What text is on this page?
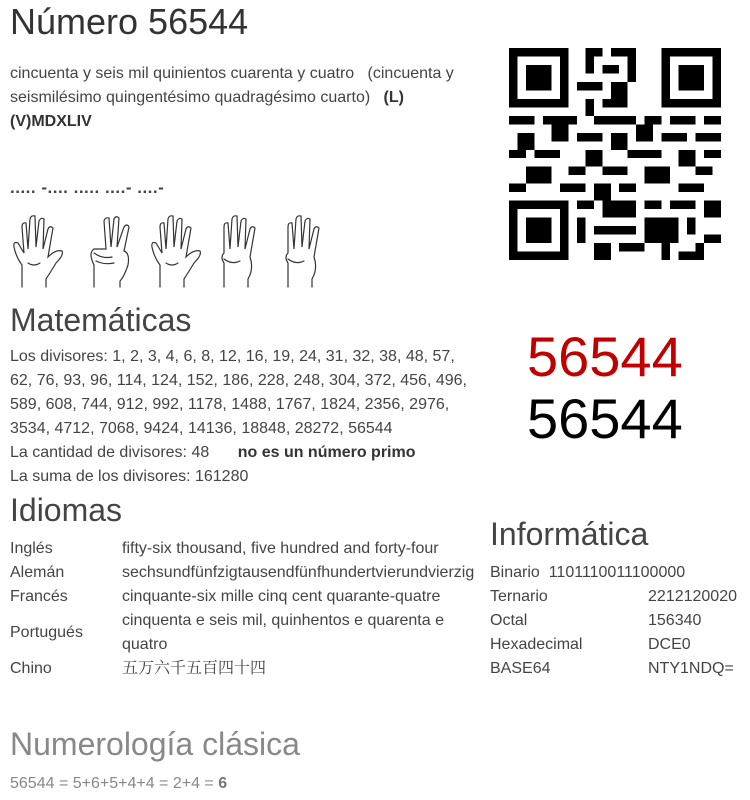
Número 56544
cincuenta y seis mil quinientos cuarenta y cuatro (cincuenta y seismilésimo quingentésimo quadragésimo cuarto) (L)(V)MDXLIV
..... -.... ..... ....- ....-
Matemáticas

Los divisores: 1, 2, 3, 4, 6, 8, 12, 16, 19, 24, 31, 32, 38, 48, 57, 62, 76, 93, 96, 114, 124, 152, 186, 228, 248, 304, 372, 456, 496, 589, 608, 744, 912, 992, 1178, 1488, 1767, 1824, 2356, 2976, 3534, 4712, 7068, 9424, 14136, 18848, 28272, 56544

La cantidad de divisores: 48 no es un número primo

La suma de los divisores: 161280

56544
56544
Idiomas
Inglés	fifty-six thousand, five hundred and forty-four
Alemán	sechsundfünfzigtausendfünfhundertvierundvierzig
Francés	cinquante-six mille cinq cent quarante-quatre
Portugués	cinquenta e seis mil, quinhentos e quarenta e quatro
Chino	五万六千五百四十四
Informática
Binario 1101110011100000	
Ternario	2212120020
Octal	156340
Hexadecimal	DCE0
BASE64	NTY1NDQ=
Numerología clásica
56544 = 5+6+5+4+4 = 2+4 = 6
